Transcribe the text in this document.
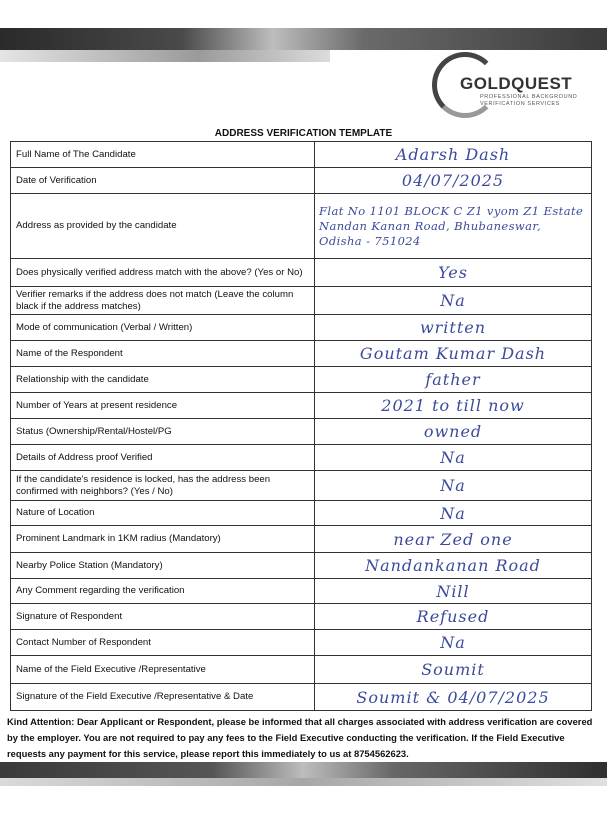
GOLDQUEST
PROFESSIONAL BACKGROUND
VERIFICATION SERVICES
ADDRESS VERIFICATION TEMPLATE
Full Name of The Candidate	Adarsh Dash
Date of Verification	04/07/2025
Address as provided by the candidate	Flat No 1101 BLOCK C Z1 vyom Z1 Estate Nandan Kanan Road, Bhubaneswar, Odisha - 751024
Does physically verified address match with the above? (Yes or No)	Yes
Verifier remarks if the address does not match (Leave the column black if the address matches)	Na
Mode of communication (Verbal / Written)	written
Name of the Respondent	Goutam Kumar Dash
Relationship with the candidate	father
Number of Years at present residence	2021 to till now
Status (Ownership/Rental/Hostel/PG	owned
Details of Address proof Verified	Na
If the candidate's residence is locked, has the address been confirmed with neighbors? (Yes / No)	Na
Nature of Location	Na
Prominent Landmark in 1KM radius (Mandatory)	near Zed one
Nearby Police Station (Mandatory)	Nandankanan Road
Any Comment regarding the verification	Nill
Signature of Respondent	Refused
Contact Number of Respondent	Na
Name of the Field Executive /Representative	Soumit
Signature of the Field Executive /Representative & Date	Soumit & 04/07/2025
Kind Attention: Dear Applicant or Respondent, please be informed that all charges associated with address verification are covered by the employer. You are not required to pay any fees to the Field Executive conducting the verification. If the Field Executive requests any payment for this service, please report this immediately to us at 8754562623.
